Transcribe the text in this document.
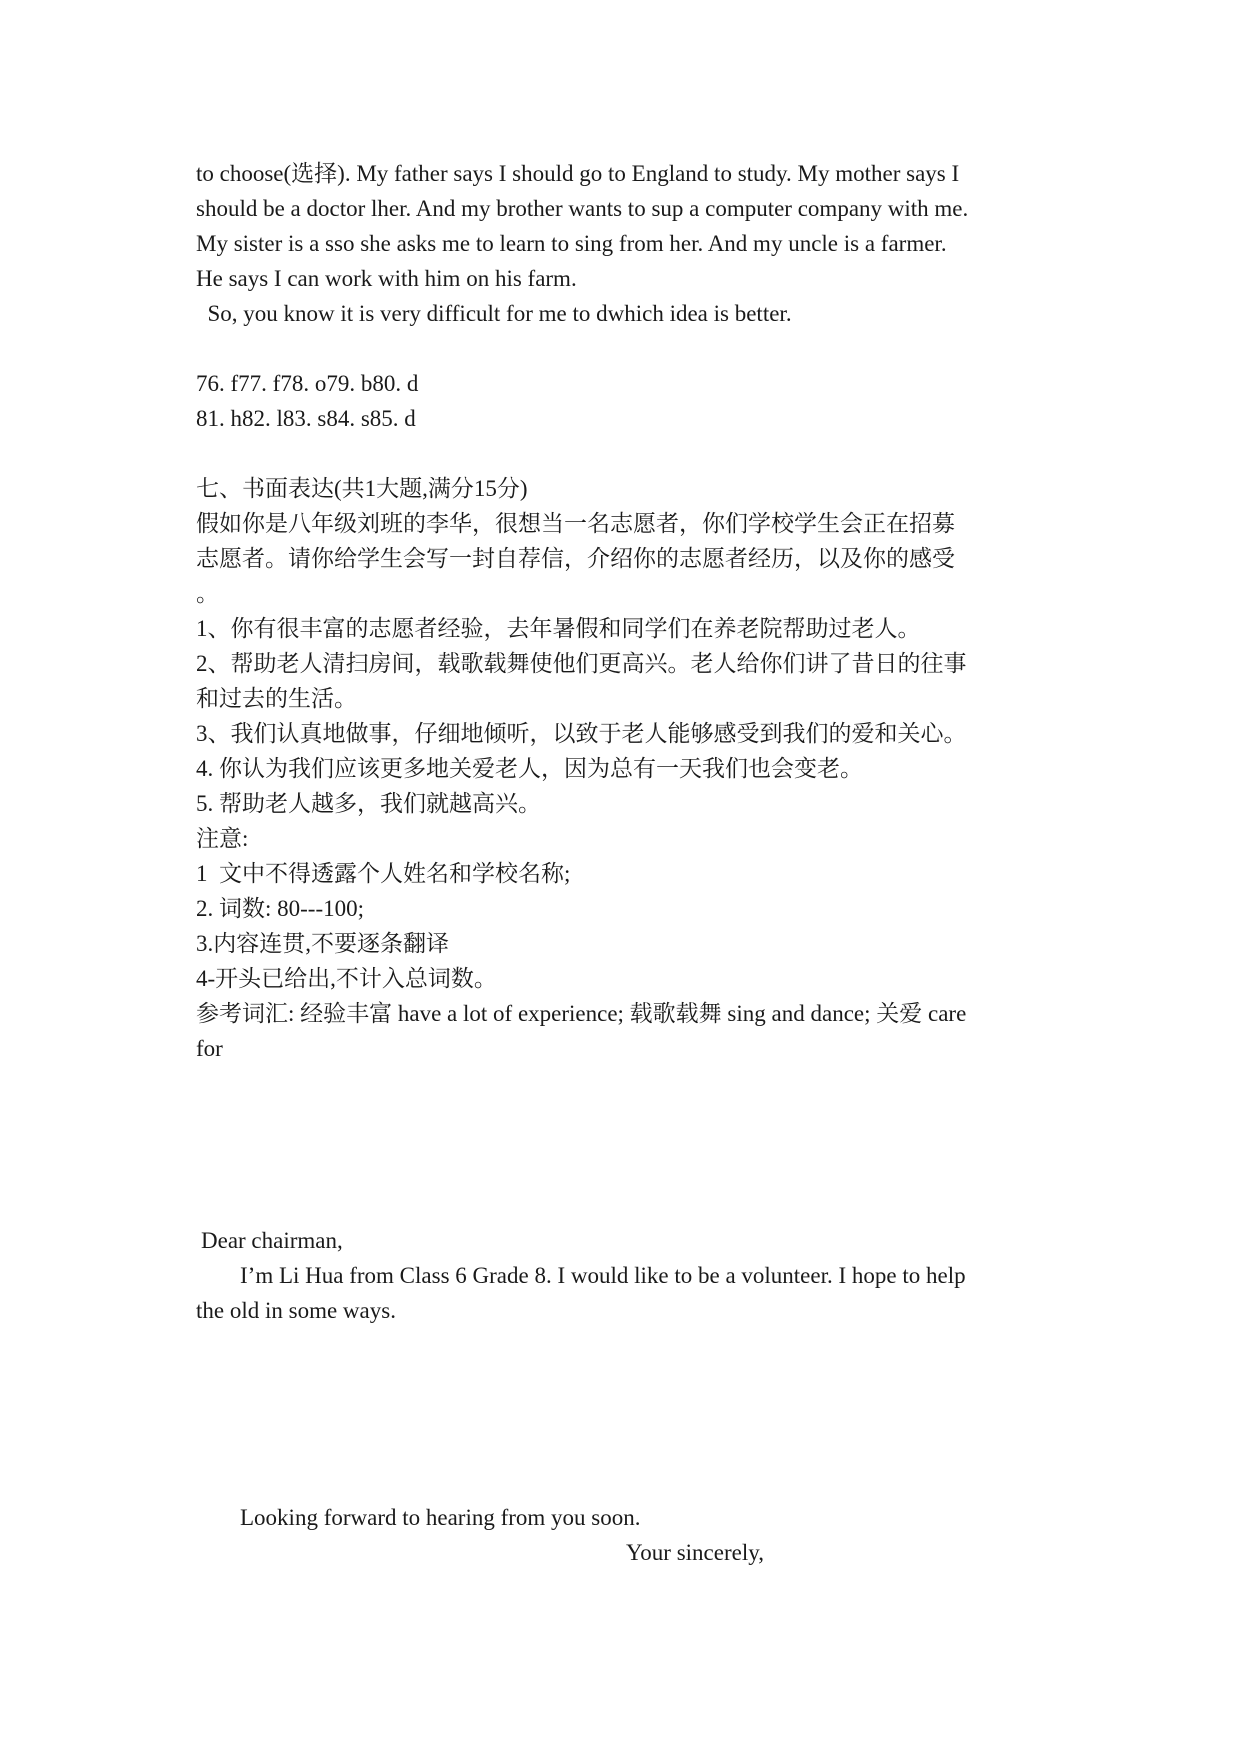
to choose(选择). My father says I should go to England to study. My mother says I
should be a doctor lher. And my brother wants to sup a computer company with me.
My sister is a sso she asks me to learn to sing from her. And my uncle is a farmer.
He says I can work with him on his farm.
So, you know it is very difficult for me to dwhich idea is better.
76. f77. f78. o79. b80. d
81. h82. l83. s84. s85. d
七、书面表达(共1大题,满分15分)
假如你是八年级刘班的李华，很想当一名志愿者，你们学校学生会正在招募
志愿者。请你给学生会写一封自荐信，介绍你的志愿者经历，以及你的感受
。
1、你有很丰富的志愿者经验，去年暑假和同学们在养老院帮助过老人。
2、帮助老人清扫房间，载歌载舞使他们更高兴。老人给你们讲了昔日的往事
和过去的生活。
3、我们认真地做事，仔细地倾听，以致于老人能够感受到我们的爱和关心。
4. 你认为我们应该更多地关爱老人，因为总有一天我们也会变老。
5. 帮助老人越多，我们就越高兴。
注意:
1  文中不得透露个人姓名和学校名称;
2. 词数: 80---100;
3.内容连贯,不要逐条翻译
4-开头已给出,不计入总词数。
参考词汇: 经验丰富 have a lot of experience; 载歌载舞 sing and dance; 关爱 care
for
Dear chairman,
I’m Li Hua from Class 6 Grade 8. I would like to be a volunteer. I hope to help
the old in some ways.
Looking forward to hearing from you soon.
Your sincerely,
